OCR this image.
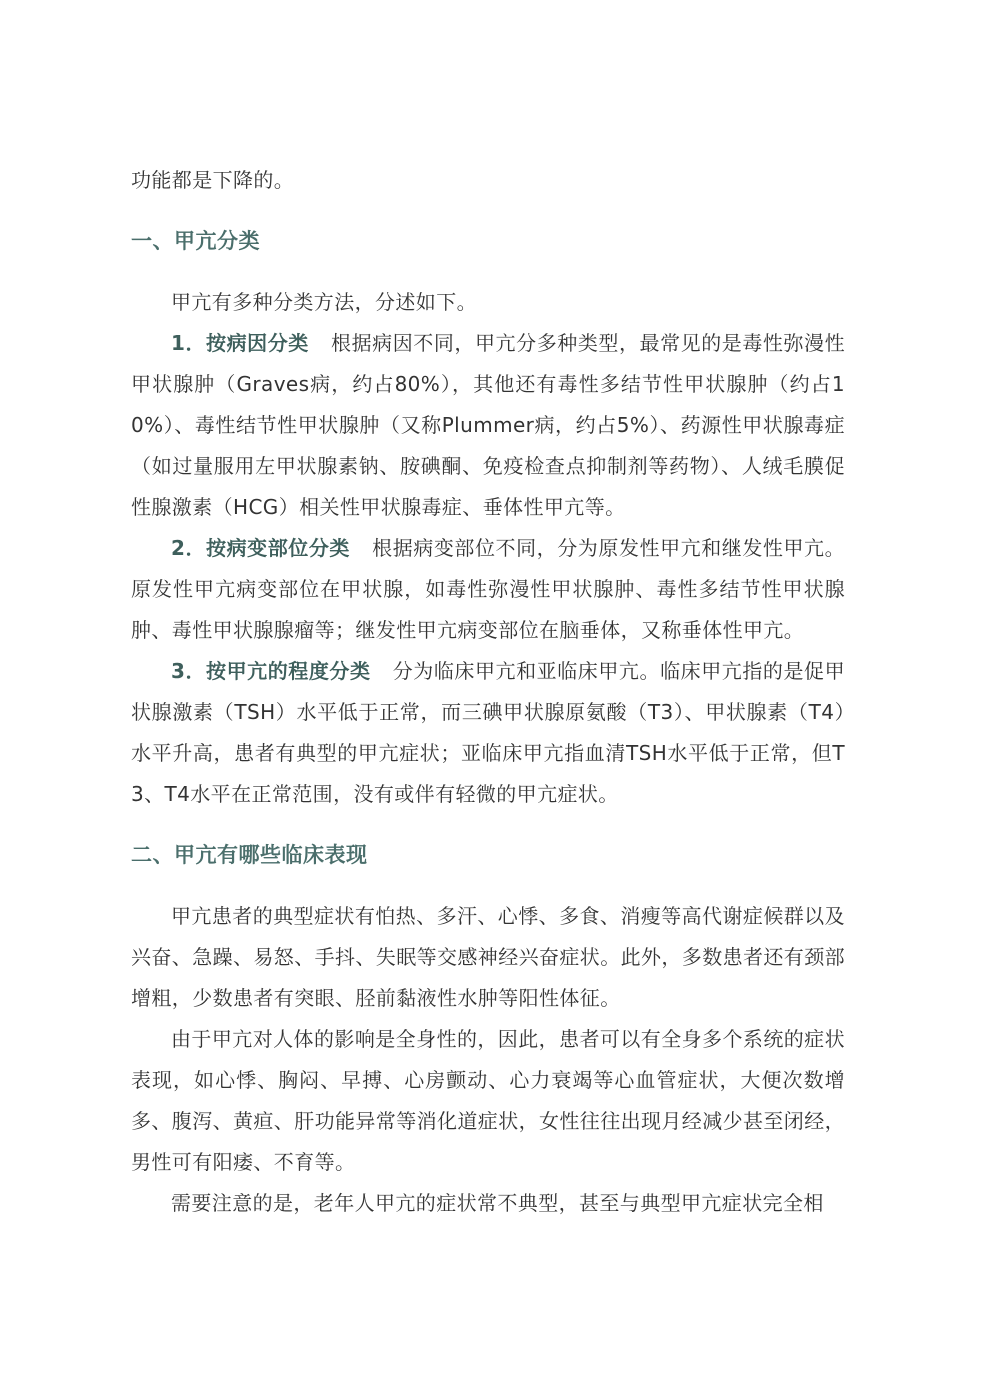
功能都是下降的。

一、甲亢分类

甲亢有多种分类方法，分述如下。

1．按病因分类 根据病因不同，甲亢分多种类型，最常见的是毒性弥漫性甲状腺肿（Graves病，约占80%），其他还有毒性多结节性甲状腺肿（约占10%）、毒性结节性甲状腺肿（又称Plummer病，约占5%）、药源性甲状腺毒症（如过量服用左甲状腺素钠、胺碘酮、免疫检查点抑制剂等药物）、人绒毛膜促性腺激素（HCG）相关性甲状腺毒症、垂体性甲亢等。

2．按病变部位分类 根据病变部位不同，分为原发性甲亢和继发性甲亢。原发性甲亢病变部位在甲状腺，如毒性弥漫性甲状腺肿、毒性多结节性甲状腺肿、毒性甲状腺腺瘤等；继发性甲亢病变部位在脑垂体，又称垂体性甲亢。

3．按甲亢的程度分类 分为临床甲亢和亚临床甲亢。临床甲亢指的是促甲状腺激素（TSH）水平低于正常，而三碘甲状腺原氨酸（T3）、甲状腺素（T4）水平升高，患者有典型的甲亢症状；亚临床甲亢指血清TSH水平低于正常，但T3、T4水平在正常范围，没有或伴有轻微的甲亢症状。

二、甲亢有哪些临床表现

甲亢患者的典型症状有怕热、多汗、心悸、多食、消瘦等高代谢症候群以及兴奋、急躁、易怒、手抖、失眠等交感神经兴奋症状。此外，多数患者还有颈部增粗，少数患者有突眼、胫前黏液性水肿等阳性体征。

由于甲亢对人体的影响是全身性的，因此，患者可以有全身多个系统的症状表现，如心悸、胸闷、早搏、心房颤动、心力衰竭等心血管症状，大便次数增多、腹泻、黄疸、肝功能异常等消化道症状，女性往往出现月经减少甚至闭经，男性可有阳痿、不育等。

需要注意的是，老年人甲亢的症状常不典型，甚至与典型甲亢症状完全相
